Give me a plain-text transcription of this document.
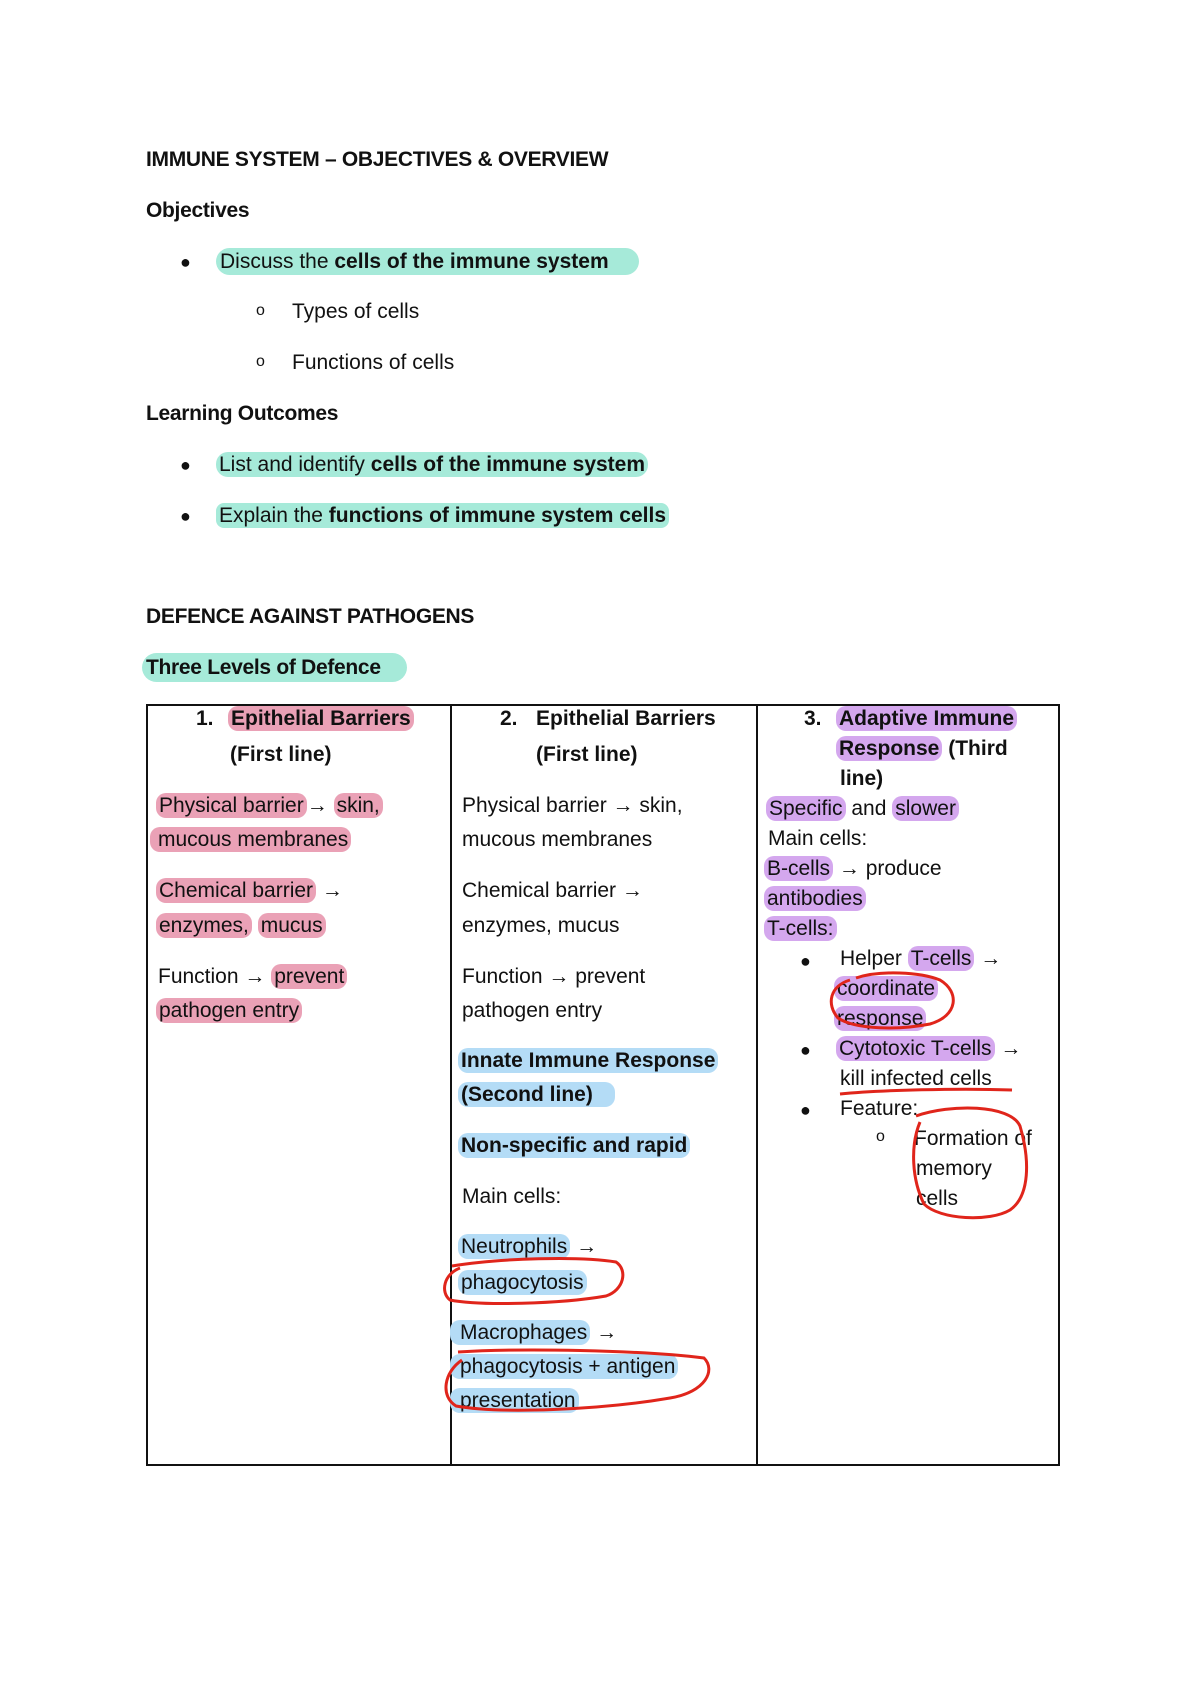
IMMUNE SYSTEM – OBJECTIVES & OVERVIEW
Objectives
● Discuss the cells of the immune system
o Types of cells
o Functions of cells
Learning Outcomes
● List and identify cells of the immune system
● Explain the functions of immune system cells
DEFENCE AGAINST PATHOGENS
Three Levels of Defence
1. Epithelial Barriers
(First line)
Physical barrier → skin,
mucous membranes
Chemical barrier →
enzymes, mucus
Function → prevent
pathogen entry
2. Epithelial Barriers
(First line)
Physical barrier → skin,
mucous membranes
Chemical barrier →
enzymes, mucus
Function → prevent
pathogen entry
Innate Immune Response
(Second line)
Non-specific and rapid
Main cells:
Neutrophils →
phagocytosis
Macrophages →
phagocytosis + antigen
presentation
3. Adaptive Immune
Response (Third
line)
Specific and slower
Main cells:
B-cells → produce
antibodies
T-cells:
● Helper T-cells →
coordinate
response
● Cytotoxic T-cells →
kill infected cells
● Feature:
o Formation of
memory
cells
